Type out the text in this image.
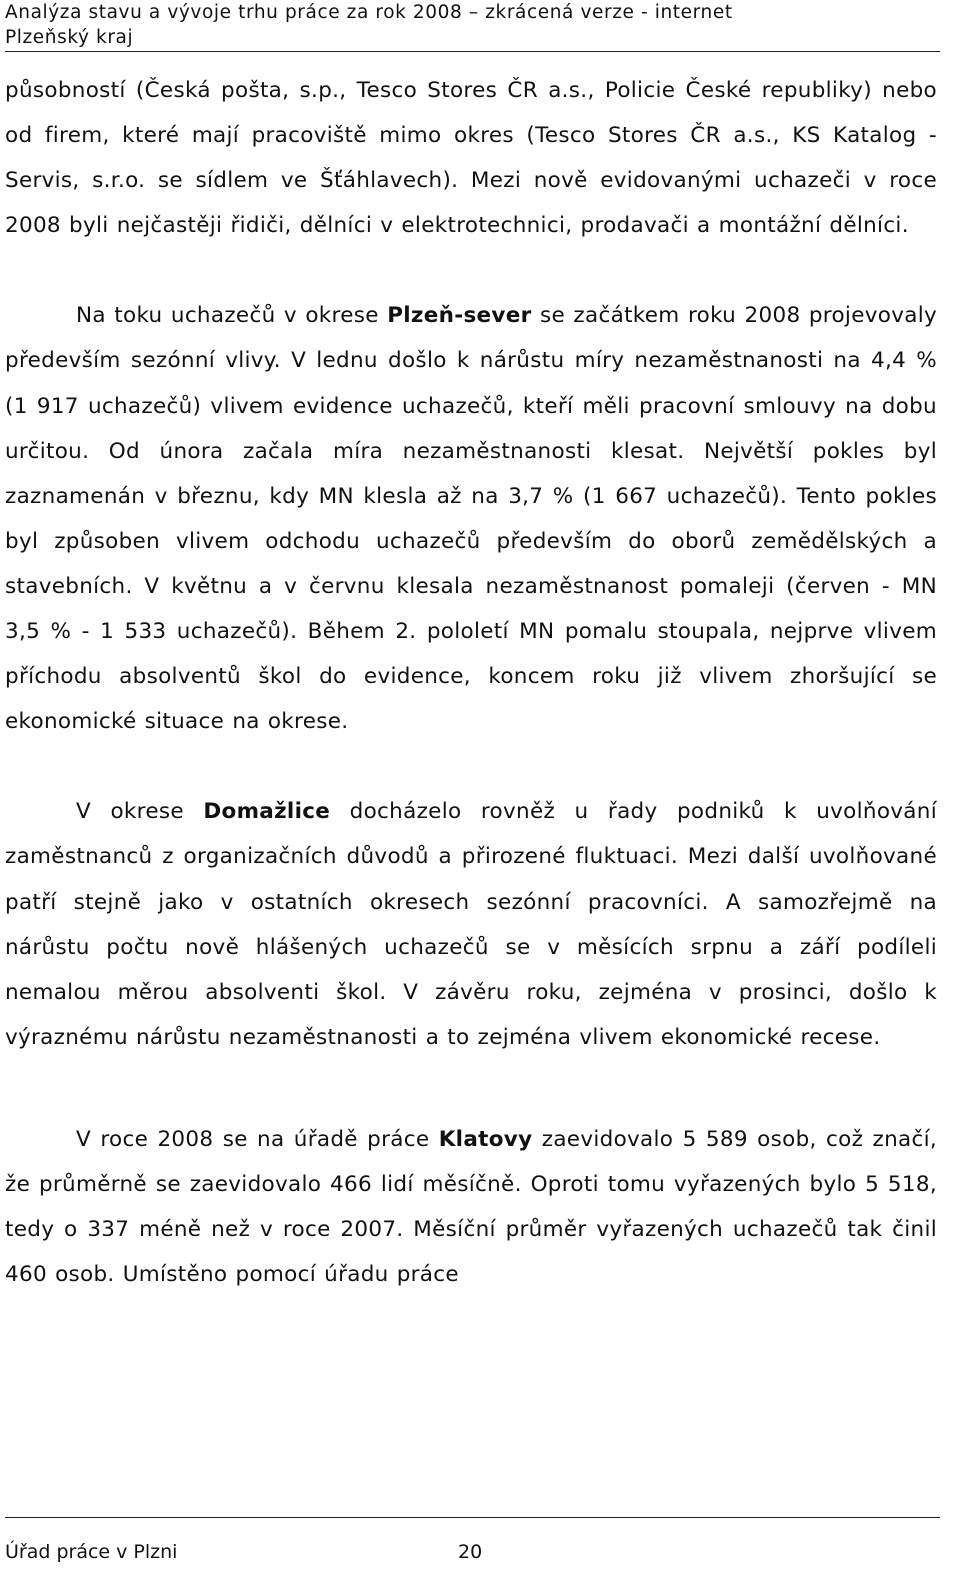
Analýza stavu a vývoje trhu práce za rok 2008 – zkrácená verze - internet
Plzeňský kraj

působností (Česká pošta, s.p., Tesco Stores ČR a.s., Policie České republiky) nebo od firem, které mají pracoviště mimo okres (Tesco Stores ČR a.s., KS Katalog - Servis, s.r.o. se sídlem ve Šťáhlavech). Mezi nově evidovanými uchazeči v roce 2008 byli nejčastěji řidiči, dělníci v elektrotechnici, prodavači a montážní dělníci.

Na toku uchazečů v okrese Plzeň-sever se začátkem roku 2008 projevovaly především sezónní vlivy. V lednu došlo k nárůstu míry nezaměstnanosti na 4,4 % (1 917 uchazečů) vlivem evidence uchazečů, kteří měli pracovní smlouvy na dobu určitou. Od února začala míra nezaměstnanosti klesat. Největší pokles byl zaznamenán v březnu, kdy MN klesla až na 3,7 % (1 667 uchazečů). Tento pokles byl způsoben vlivem odchodu uchazečů především do oborů zemědělských a stavebních. V květnu a v červnu klesala nezaměstnanost pomaleji (červen - MN 3,5 % - 1 533 uchazečů). Během 2. pololetí MN pomalu stoupala, nejprve vlivem příchodu absolventů škol do evidence, koncem roku již vlivem zhoršující se ekonomické situace na okrese.

V okrese Domažlice docházelo rovněž u řady podniků k uvolňování zaměstnanců z organizačních důvodů a přirozené fluktuaci. Mezi další uvolňované patří stejně jako v ostatních okresech sezónní pracovníci. A samozřejmě na nárůstu počtu nově hlášených uchazečů se v měsících srpnu a září podíleli nemalou měrou absolventi škol. V závěru roku, zejména v prosinci, došlo k výraznému nárůstu nezaměstnanosti a to zejména vlivem ekonomické recese.

V roce 2008 se na úřadě práce Klatovy zaevidovalo 5 589 osob, což značí, že průměrně se zaevidovalo 466 lidí měsíčně. Oproti tomu vyřazených bylo 5 518, tedy o 337 méně než v roce 2007. Měsíční průměr vyřazených uchazečů tak činil 460 osob. Umístěno pomocí úřadu práce

Úřad práce v Plzni	20
